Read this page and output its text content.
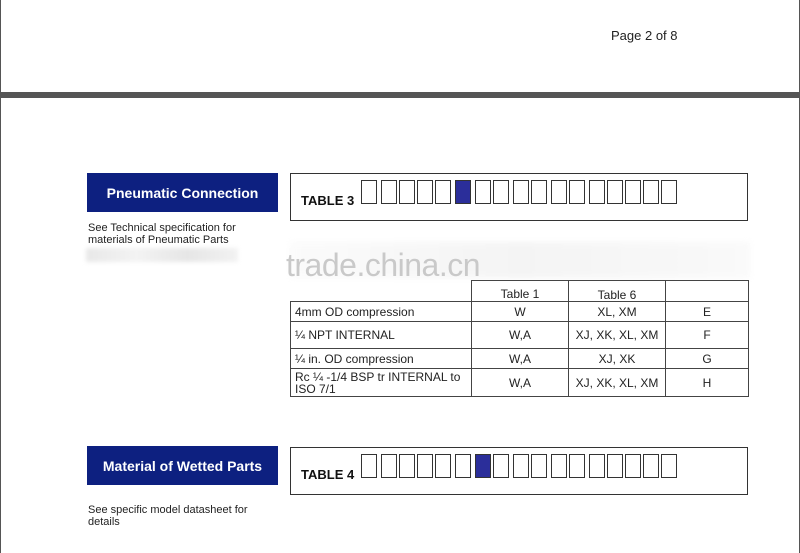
Page 2 of 8
Pneumatic Connection
See Technical specification for materials of Pneumatic Parts
TABLE 3
trade.china.cn
	Table 1	Table 6	
4mm OD compression	W	XL, XM	E
¼ NPT INTERNAL	W,A	XJ, XK, XL, XM	F
¼ in. OD compression	W,A	XJ, XK	G
Rc ¼ -1/4 BSP tr INTERNAL to ISO 7/1	W,A	XJ, XK, XL, XM	H
Material of Wetted Parts
See specific model datasheet for details
TABLE 4
